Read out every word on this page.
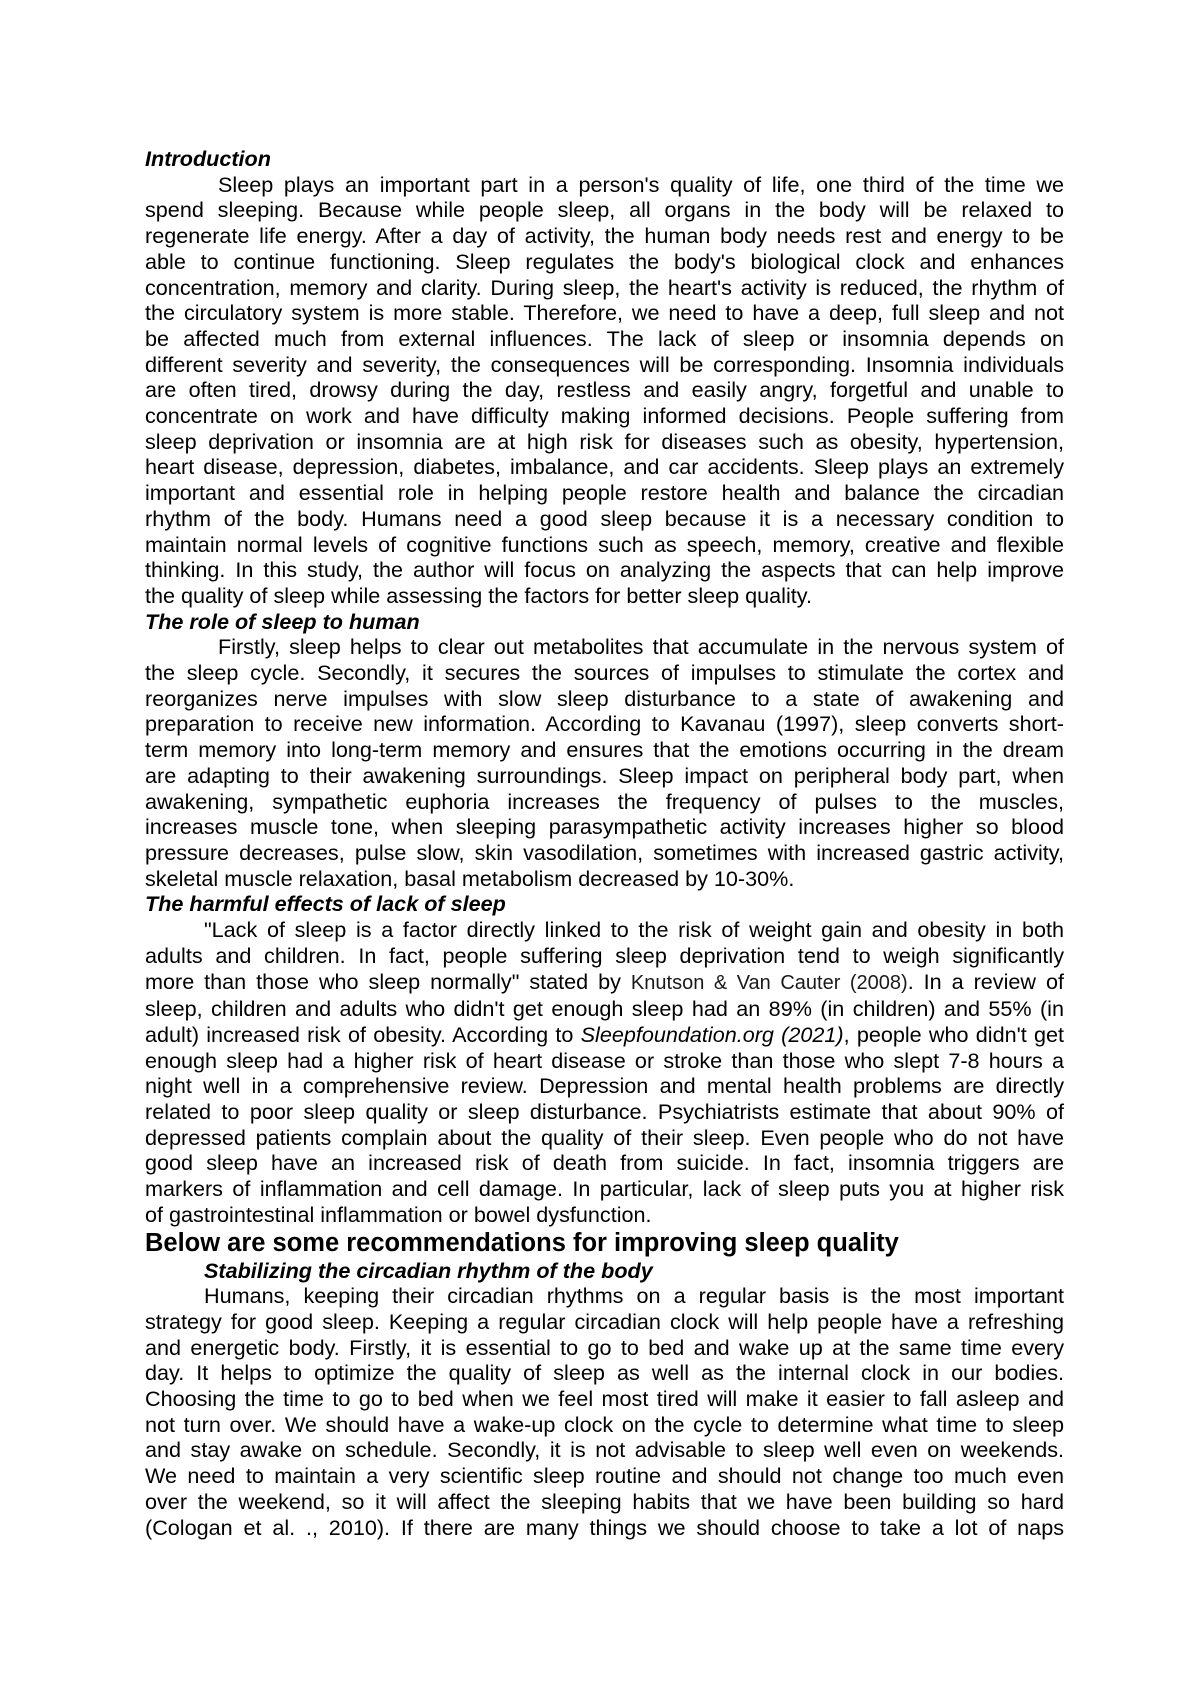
Introduction
Sleep plays an important part in a person's quality of life, one third of the time we
spend sleeping. Because while people sleep, all organs in the body will be relaxed to
regenerate life energy. After a day of activity, the human body needs rest and energy to be
able to continue functioning. Sleep regulates the body's biological clock and enhances
concentration, memory and clarity. During sleep, the heart's activity is reduced, the rhythm of
the circulatory system is more stable. Therefore, we need to have a deep, full sleep and not
be affected much from external influences. The lack of sleep or insomnia depends on
different severity and severity, the consequences will be corresponding. Insomnia individuals
are often tired, drowsy during the day, restless and easily angry, forgetful and unable to
concentrate on work and have difficulty making informed decisions. People suffering from
sleep deprivation or insomnia are at high risk for diseases such as obesity, hypertension,
heart disease, depression, diabetes, imbalance, and car accidents. Sleep plays an extremely
important and essential role in helping people restore health and balance the circadian
rhythm of the body. Humans need a good sleep because it is a necessary condition to
maintain normal levels of cognitive functions such as speech, memory, creative and flexible
thinking. In this study, the author will focus on analyzing the aspects that can help improve
the quality of sleep while assessing the factors for better sleep quality.
The role of sleep to human
Firstly, sleep helps to clear out metabolites that accumulate in the nervous system of
the sleep cycle. Secondly, it secures the sources of impulses to stimulate the cortex and
reorganizes nerve impulses with slow sleep disturbance to a state of awakening and
preparation to receive new information. According to Kavanau (1997), sleep converts short-
term memory into long-term memory and ensures that the emotions occurring in the dream
are adapting to their awakening surroundings. Sleep impact on peripheral body part, when
awakening, sympathetic euphoria increases the frequency of pulses to the muscles,
increases muscle tone, when sleeping parasympathetic activity increases higher so blood
pressure decreases, pulse slow, skin vasodilation, sometimes with increased gastric activity,
skeletal muscle relaxation, basal metabolism decreased by 10-30%.
The harmful effects of lack of sleep
"Lack of sleep is a factor directly linked to the risk of weight gain and obesity in both
adults and children. In fact, people suffering sleep deprivation tend to weigh significantly
more than those who sleep normally" stated by Knutson & Van Cauter (2008). In a review of
sleep, children and adults who didn't get enough sleep had an 89% (in children) and 55% (in
adult) increased risk of obesity. According to Sleepfoundation.org (2021), people who didn't get
enough sleep had a higher risk of heart disease or stroke than those who slept 7-8 hours a
night well in a comprehensive review. Depression and mental health problems are directly
related to poor sleep quality or sleep disturbance. Psychiatrists estimate that about 90% of
depressed patients complain about the quality of their sleep. Even people who do not have
good sleep have an increased risk of death from suicide. In fact, insomnia triggers are
markers of inflammation and cell damage. In particular, lack of sleep puts you at higher risk
of gastrointestinal inflammation or bowel dysfunction.
Below are some recommendations for improving sleep quality
Stabilizing the circadian rhythm of the body
Humans, keeping their circadian rhythms on a regular basis is the most important
strategy for good sleep. Keeping a regular circadian clock will help people have a refreshing
and energetic body. Firstly, it is essential to go to bed and wake up at the same time every
day. It helps to optimize the quality of sleep as well as the internal clock in our bodies.
Choosing the time to go to bed when we feel most tired will make it easier to fall asleep and
not turn over. We should have a wake-up clock on the cycle to determine what time to sleep
and stay awake on schedule. Secondly, it is not advisable to sleep well even on weekends.
We need to maintain a very scientific sleep routine and should not change too much even
over the weekend, so it will affect the sleeping habits that we have been building so hard
(Cologan et al. ., 2010). If there are many things we should choose to take a lot of naps
